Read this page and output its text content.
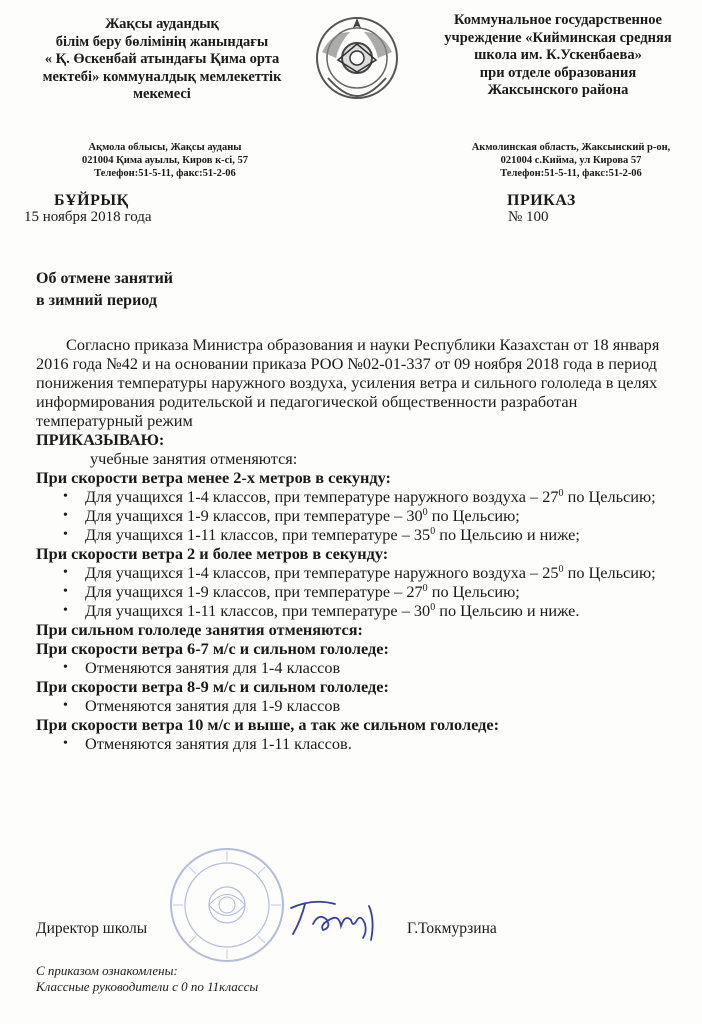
Жақсы аудандық
білім беру бөлімінің жанындағы
« Қ. Өскенбай атындағы Қима орта
мектебі» коммуналдық мемлекеттік
мекемесі
Коммунальное государственное
учреждение «Кийминская средняя
школа им. К.Ускенбаева»
при отделе образования
Жаксынского района
Ақмола облысы, Жақсы ауданы
021004 Қима ауылы, Киров к-сі, 57
Телефон:51-5-11, факс:51-2-06
Акмолинская область, Жаксынский р-он,
021004 с.Кийма, ул Кирова 57
Телефон:51-5-11, факс:51-2-06
БҰЙРЫҚ
15 ноября 2018 года
ПРИКАЗ
№ 100
Об отмене занятий
в зимний период

Согласно приказа Министра образования и науки Республики Казахстан от 18 января 2016 года №42 и на основании приказа РОО №02-01-337 от 09 ноября 2018 года в период понижения температуры наружного воздуха, усиления ветра и сильного гололеда в целях информирования родительской и педагогической общественности разработан температурный режим

ПРИКАЗЫВАЮ:

учебные занятия отменяются:

При скорости ветра менее 2-х метров в секунду:

• Для учащихся 1-4 классов, при температуре наружного воздуха – $27^0$ по Цельсию;
• Для учащихся 1-9 классов, при температуре – $30^0$ по Цельсию;
• Для учащихся 1-11 классов, при температуре – $35^0$ по Цельсию и ниже;

При скорости ветра 2 и более метров в секунду:

• Для учащихся 1-4 классов, при температуре наружного воздуха – $25^0$ по Цельсию;
• Для учащихся 1-9 классов, при температуре – $27^0$ по Цельсию;
• Для учащихся 1-11 классов, при температуре – $30^0$ по Цельсию и ниже.

При сильном гололеде занятия отменяются:

При скорости ветра 6-7 м/с и сильном гололеде:

• Отменяются занятия для 1-4 классов

При скорости ветра 8-9 м/с и сильном гололеде:

• Отменяются занятия для 1-9 классов

При скорости ветра 10 м/с и выше, а так же сильном гололеде:

• Отменяются занятия для 1-11 классов.
Директор школы	Г.Токмурзина
С приказом ознакомлены:
Классные руководители с 0 по 11классы
